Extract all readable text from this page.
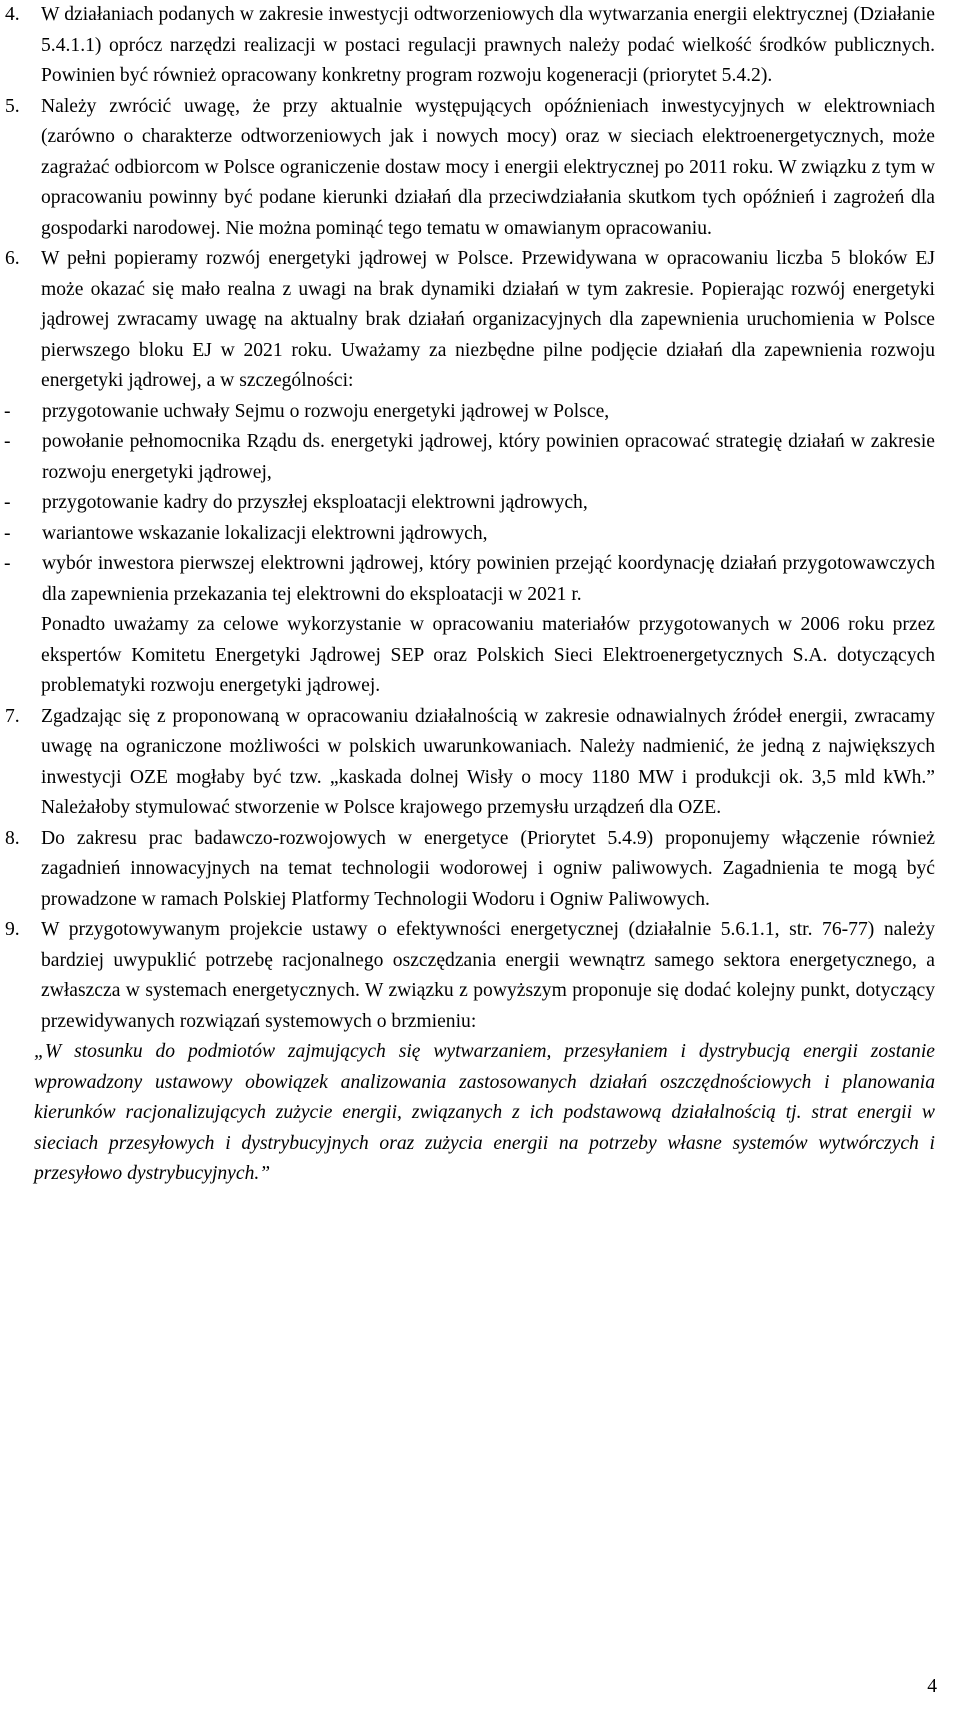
4. W działaniach podanych w zakresie inwestycji odtworzeniowych dla wytwarzania energii elektrycznej (Działanie 5.4.1.1) oprócz narzędzi realizacji w postaci regulacji prawnych należy podać wielkość środków publicznych. Powinien być również opracowany konkretny program rozwoju kogeneracji (priorytet 5.4.2).

5. Należy zwrócić uwagę, że przy aktualnie występujących opóźnieniach inwestycyjnych w elektrowniach (zarówno o charakterze odtworzeniowych jak i nowych mocy) oraz w sieciach elektroenergetycznych, może zagrażać odbiorcom w Polsce ograniczenie dostaw mocy i energii elektrycznej po 2011 roku. W związku z tym w opracowaniu powinny być podane kierunki działań dla przeciwdziałania skutkom tych opóźnień i zagrożeń dla gospodarki narodowej. Nie można pominąć tego tematu w omawianym opracowaniu.

6. W pełni popieramy rozwój energetyki jądrowej w Polsce. Przewidywana w opracowaniu liczba 5 bloków EJ może okazać się mało realna z uwagi na brak dynamiki działań w tym zakresie. Popierając rozwój energetyki jądrowej zwracamy uwagę na aktualny brak działań organizacyjnych dla zapewnienia uruchomienia w Polsce pierwszego bloku EJ w 2021 roku. Uważamy za niezbędne pilne podjęcie działań dla zapewnienia rozwoju energetyki jądrowej, a w szczególności:

- przygotowanie uchwały Sejmu o rozwoju energetyki jądrowej w Polsce,
- powołanie pełnomocnika Rządu ds. energetyki jądrowej, który powinien opracować strategię działań w zakresie rozwoju energetyki jądrowej,
- przygotowanie kadry do przyszłej eksploatacji elektrowni jądrowych,
- wariantowe wskazanie lokalizacji elektrowni jądrowych,
- wybór inwestora pierwszej elektrowni jądrowej, który powinien przejąć koordynację działań przygotowawczych dla zapewnienia przekazania tej elektrowni do eksploatacji w 2021 r.

Ponadto uważamy za celowe wykorzystanie w opracowaniu materiałów przygotowanych w 2006 roku przez ekspertów Komitetu Energetyki Jądrowej SEP oraz Polskich Sieci Elektroenergetycznych S.A. dotyczących problematyki rozwoju energetyki jądrowej.

7. Zgadzając się z proponowaną w opracowaniu działalnością w zakresie odnawialnych źródeł energii, zwracamy uwagę na ograniczone możliwości w polskich uwarunkowaniach. Należy nadmienić, że jedną z największych inwestycji OZE mogłaby być tzw. „kaskada dolnej Wisły o mocy 1180 MW i produkcji ok. 3,5 mld kWh.” Należałoby stymulować stworzenie w Polsce krajowego przemysłu urządzeń dla OZE.

8. Do zakresu prac badawczo-rozwojowych w energetyce (Priorytet 5.4.9) proponujemy włączenie również zagadnień innowacyjnych na temat technologii wodorowej i ogniw paliwowych. Zagadnienia te mogą być prowadzone w ramach Polskiej Platformy Technologii Wodoru i Ogniw Paliwowych.

9. W przygotowywanym projekcie ustawy o efektywności energetycznej (działalnie 5.6.1.1, str. 76-77) należy bardziej uwypuklić potrzebę racjonalnego oszczędzania energii wewnątrz samego sektora energetycznego, a zwłaszcza w systemach energetycznych. W związku z powyższym proponuje się dodać kolejny punkt, dotyczący przewidywanych rozwiązań systemowych o brzmieniu:

„W stosunku do podmiotów zajmujących się wytwarzaniem, przesyłaniem i dystrybucją energii zostanie wprowadzony ustawowy obowiązek analizowania zastosowanych działań oszczędnościowych i planowania kierunków racjonalizujących zużycie energii, związanych z ich podstawową działalnością tj. strat energii w sieciach przesyłowych i dystrybucyjnych oraz zużycia energii na potrzeby własne systemów wytwórczych i przesyłowo dystrybucyjnych.”

4
